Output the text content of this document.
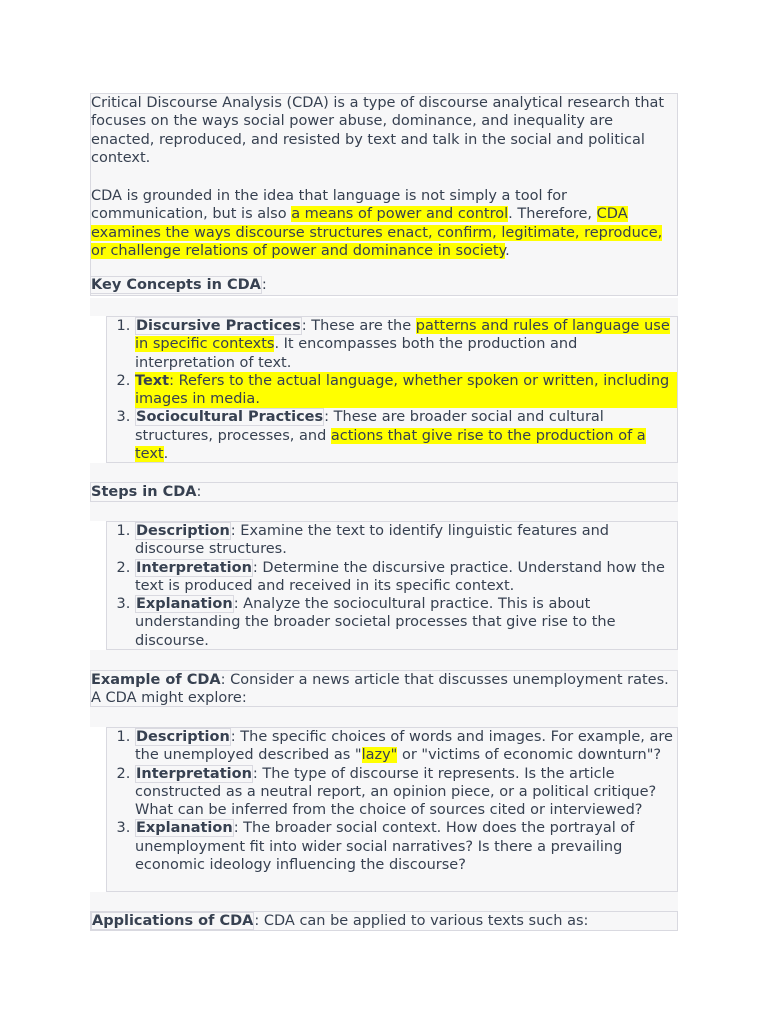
Critical Discourse Analysis (CDA) is a type of discourse analytical research that focuses on the ways social power abuse, dominance, and inequality are enacted, reproduced, and resisted by text and talk in the social and political context.

CDA is grounded in the idea that language is not simply a tool for communication, but is also a means of power and control. Therefore, CDA examines the ways discourse structures enact, confirm, legitimate, reproduce, or challenge relations of power and dominance in society.

Key Concepts in CDA:
1. Discursive Practices: These are the patterns and rules of language use in specific contexts. It encompasses both the production and interpretation of text.
2. Text: Refers to the actual language, whether spoken or written, including images in media.
3. Sociocultural Practices: These are broader social and cultural structures, processes, and actions that give rise to the production of a text.
Steps in CDA:
1. Description: Examine the text to identify linguistic features and discourse structures.
2. Interpretation: Determine the discursive practice. Understand how the text is produced and received in its specific context.
3. Explanation: Analyze the sociocultural practice. This is about understanding the broader societal processes that give rise to the discourse.
Example of CDA: Consider a news article that discusses unemployment rates. A CDA might explore:
1. Description: The specific choices of words and images. For example, are the unemployed described as "lazy" or "victims of economic downturn"?
2. Interpretation: The type of discourse it represents. Is the article constructed as a neutral report, an opinion piece, or a political critique? What can be inferred from the choice of sources cited or interviewed?
3. Explanation: The broader social context. How does the portrayal of unemployment fit into wider social narratives? Is there a prevailing economic ideology influencing the discourse?
Applications of CDA: CDA can be applied to various texts such as:
